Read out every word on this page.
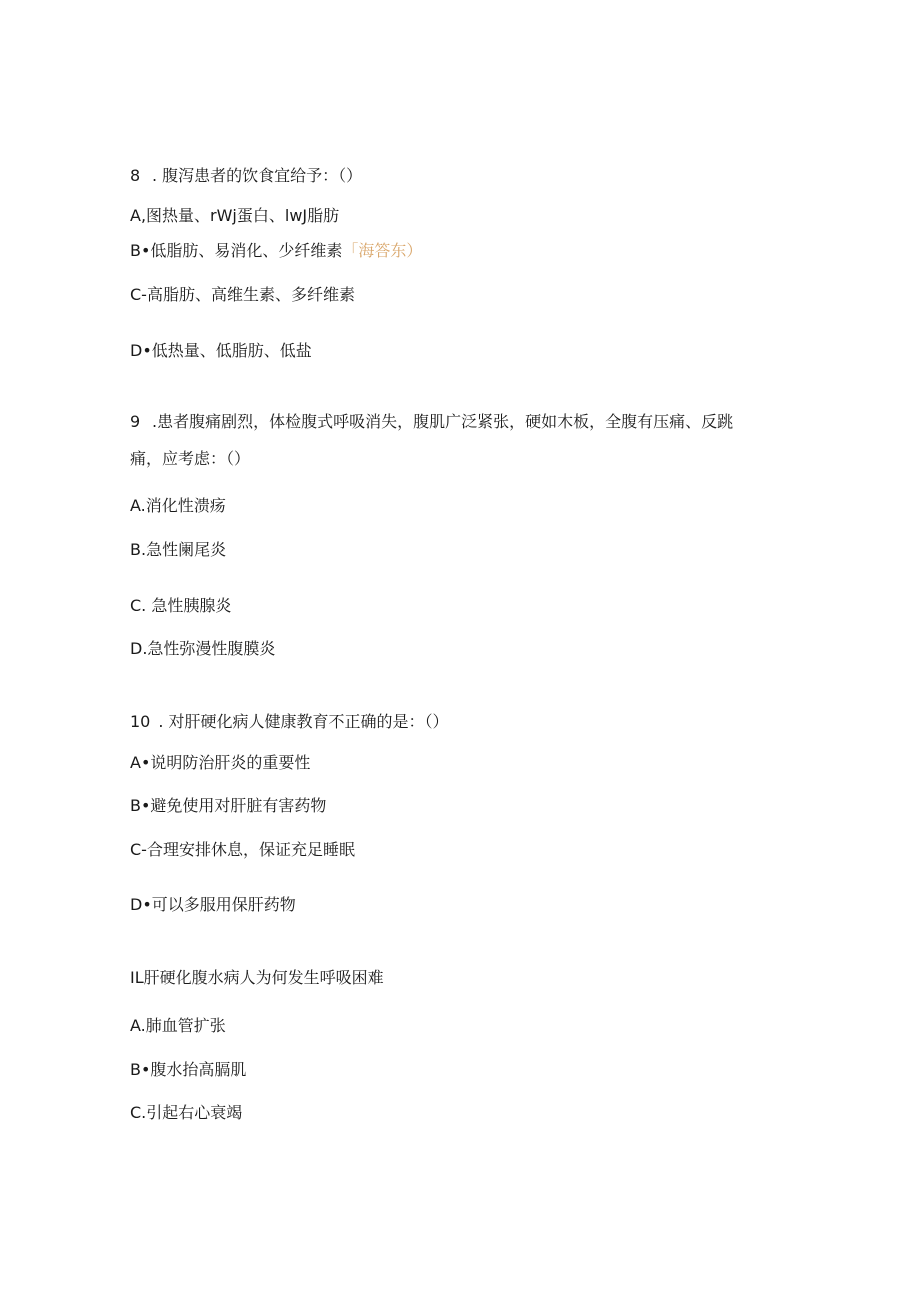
8 . 腹泻患者的饮食宜给予：（）
A,图热量、rWj蛋白、lwJ脂肪
B•低脂肪、易消化、少纤维素「海答东）
C-高脂肪、高维生素、多纤维素
D•低热量、低脂肪、低盐
9 .患者腹痛剧烈，体检腹式呼吸消失，腹肌广泛紧张，硬如木板，全腹有压痛、反跳
痛，应考虑：（）
A.消化性溃疡
B.急性阑尾炎
C. 急性胰腺炎
D.急性弥漫性腹膜炎
10 . 对肝硬化病人健康教育不正确的是：（）
A•说明防治肝炎的重要性
B•避免使用对肝脏有害药物
C-合理安排休息，保证充足睡眠
D•可以多服用保肝药物
IL肝硬化腹水病人为何发生呼吸困难
A.肺血管扩张
B•腹水抬高膈肌
C.引起右心衰竭
